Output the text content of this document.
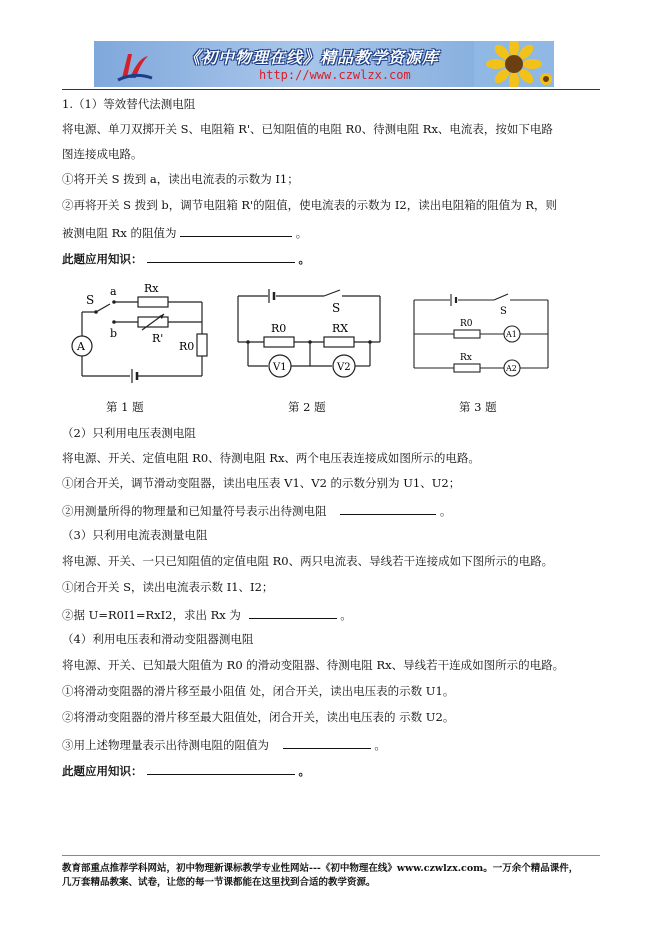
《初中物理在线》精品教学资源库
http://www.czwlzx.com
1.（1）等效替代法测电阻
将电源、单刀双掷开关 S、电阻箱 R'、已知阻值的电阻 R0、待测电阻 Rx、电流表，按如下电路
图连接成电路。
①将开关 S 拨到 a，读出电流表的示数为 I1；
②再将开关 S 拨到 b，调节电阻箱 R'的阻值，使电流表的示数为 I2，读出电阻箱的阻值为 R，则
被测电阻 Rx 的阻值为	。
此题应用知识：	。
S
a
b
Rx
R'
R0
A
S
R0	RX
V1	V2
S
R0
Rx
A1
A2
第 1 题	第 2 题	第 3 题
（2）只利用电压表测电阻
将电源、开关、定值电阻 R0、待测电阻 Rx、两个电压表连接成如图所示的电路。
①闭合开关，调节滑动变阻器，读出电压表 V1、V2 的示数分别为 U1、U2；
②用测量所得的物理量和已知量符号表示出待测电阻	。
（3）只利用电流表测量电阻
将电源、开关、一只已知阻值的定值电阻 R0、两只电流表、导线若干连接成如下图所示的电路。
①闭合开关 S，读出电流表示数 I1、I2；
②据 U=R0I1=RxI2，求出 Rx 为	。
（4）利用电压表和滑动变阻器测电阻
将电源、开关、已知最大阻值为 R0 的滑动变阻器、待测电阻 Rx、导线若干连成如图所示的电路。
①将滑动变阻器的滑片移至最小阻值 处，闭合开关，读出电压表的示数 U1。
②将滑动变阻器的滑片移至最大阻值处，闭合开关，读出电压表的 示数 U2。
③用上述物理量表示出待测电阻的阻值为	。
此题应用知识：	。
教育部重点推荐学科网站，初中物理新课标教学专业性网站---《初中物理在线》www.czwlzx.com。一万余个精品课件，
几万套精品教案、试卷，让您的每一节课都能在这里找到合适的教学资源。
